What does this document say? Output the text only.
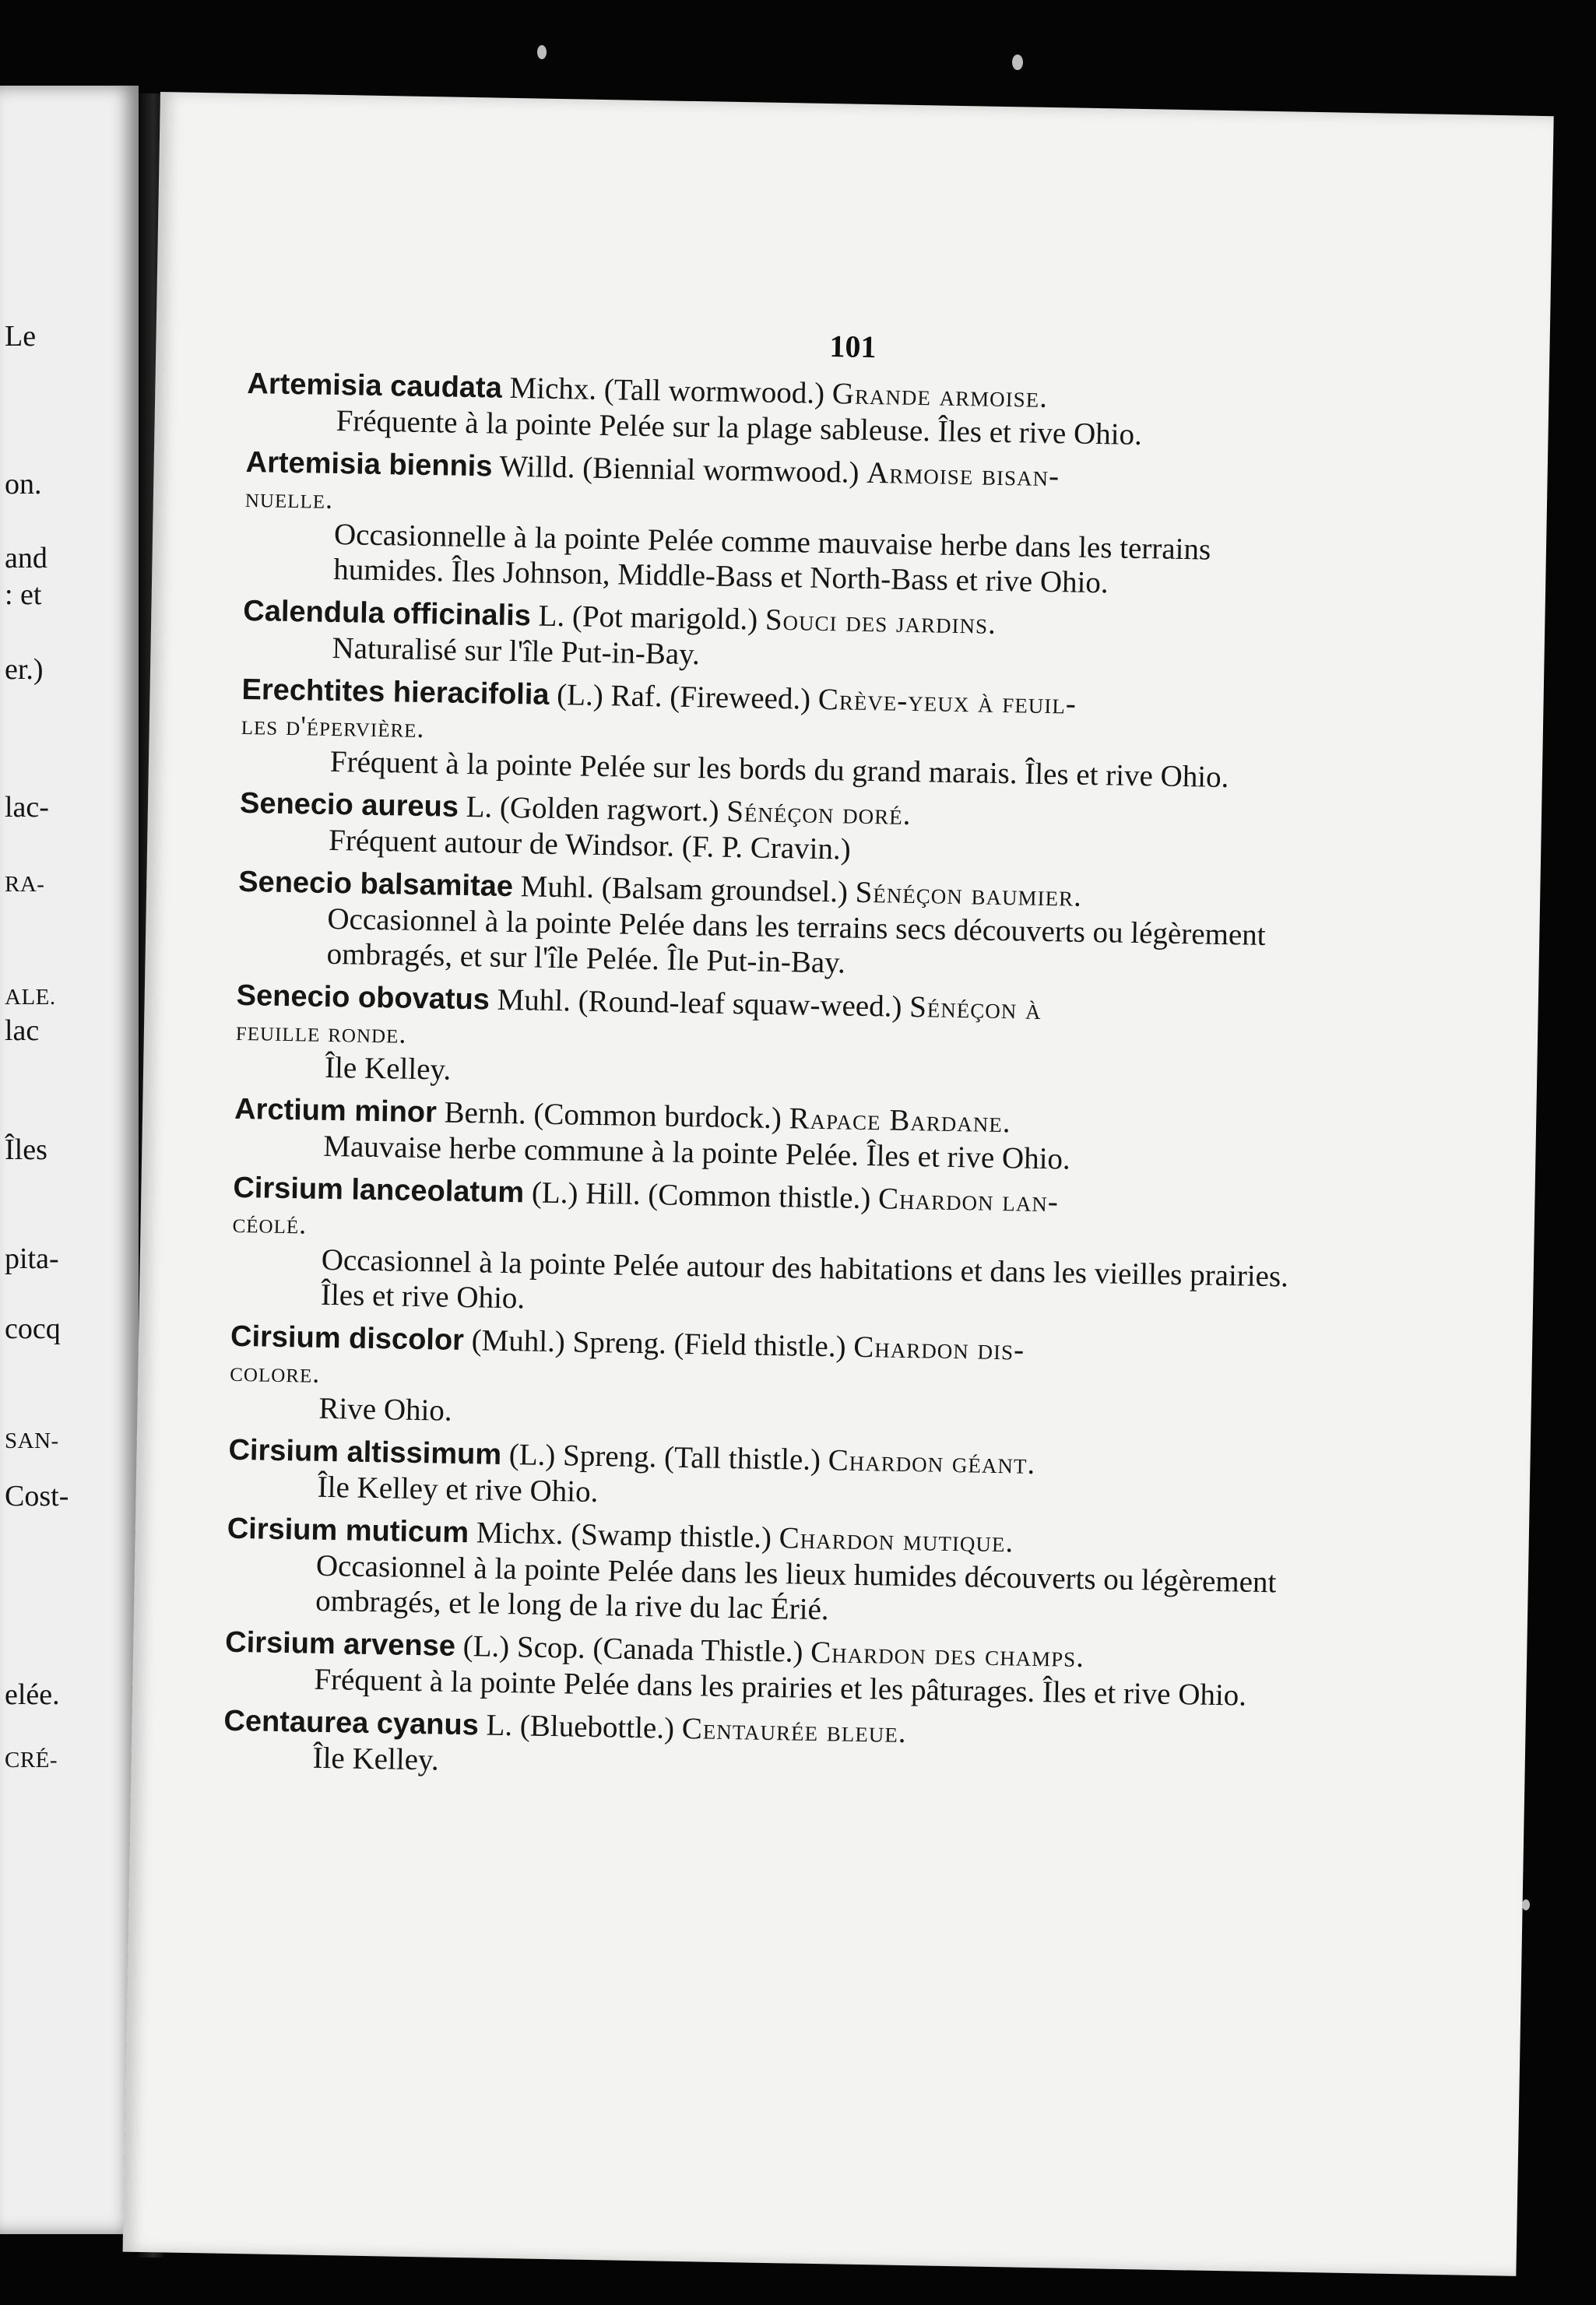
Le
on.
and
: et
er.)
lac-
RA-
ALE.
lac
Îles
pita-
cocq
SAN-
Cost-
elée.
CRÉ-
101
Artemisia caudata Michx. (Tall wormwood.) Grande armoise.
Fréquente à la pointe Pelée sur la plage sableuse. Îles et rive Ohio.
Artemisia biennis Willd. (Biennial wormwood.) Armoise bisan-
nuelle.
Occasionnelle à la pointe Pelée comme mauvaise herbe dans les terrains humides. Îles Johnson, Middle-Bass et North-Bass et rive Ohio.
Calendula officinalis L. (Pot marigold.) Souci des jardins.
Naturalisé sur l'île Put-in-Bay.
Erechtites hieracifolia (L.) Raf. (Fireweed.) Crève-yeux à feuil-
les d'épervière.
Fréquent à la pointe Pelée sur les bords du grand marais. Îles et rive Ohio.
Senecio aureus L. (Golden ragwort.) Sénéçon doré.
Fréquent autour de Windsor. (F. P. Cravin.)
Senecio balsamitae Muhl. (Balsam groundsel.) Sénéçon baumier.
Occasionnel à la pointe Pelée dans les terrains secs découverts ou légèrement ombragés, et sur l'île Pelée. Île Put-in-Bay.
Senecio obovatus Muhl. (Round-leaf squaw-weed.) Sénéçon à
feuille ronde.
Île Kelley.
Arctium minor Bernh. (Common burdock.) Rapace Bardane.
Mauvaise herbe commune à la pointe Pelée. Îles et rive Ohio.
Cirsium lanceolatum (L.) Hill. (Common thistle.) Chardon lan-
céolé.
Occasionnel à la pointe Pelée autour des habitations et dans les vieilles prairies. Îles et rive Ohio.
Cirsium discolor (Muhl.) Spreng. (Field thistle.) Chardon dis-
colore.
Rive Ohio.
Cirsium altissimum (L.) Spreng. (Tall thistle.) Chardon géant.
Île Kelley et rive Ohio.
Cirsium muticum Michx. (Swamp thistle.) Chardon mutique.
Occasionnel à la pointe Pelée dans les lieux humides découverts ou légèrement ombragés, et le long de la rive du lac Érié.
Cirsium arvense (L.) Scop. (Canada Thistle.) Chardon des champs.
Fréquent à la pointe Pelée dans les prairies et les pâturages. Îles et rive Ohio.
Centaurea cyanus L. (Bluebottle.) Centaurée bleue.
Île Kelley.
